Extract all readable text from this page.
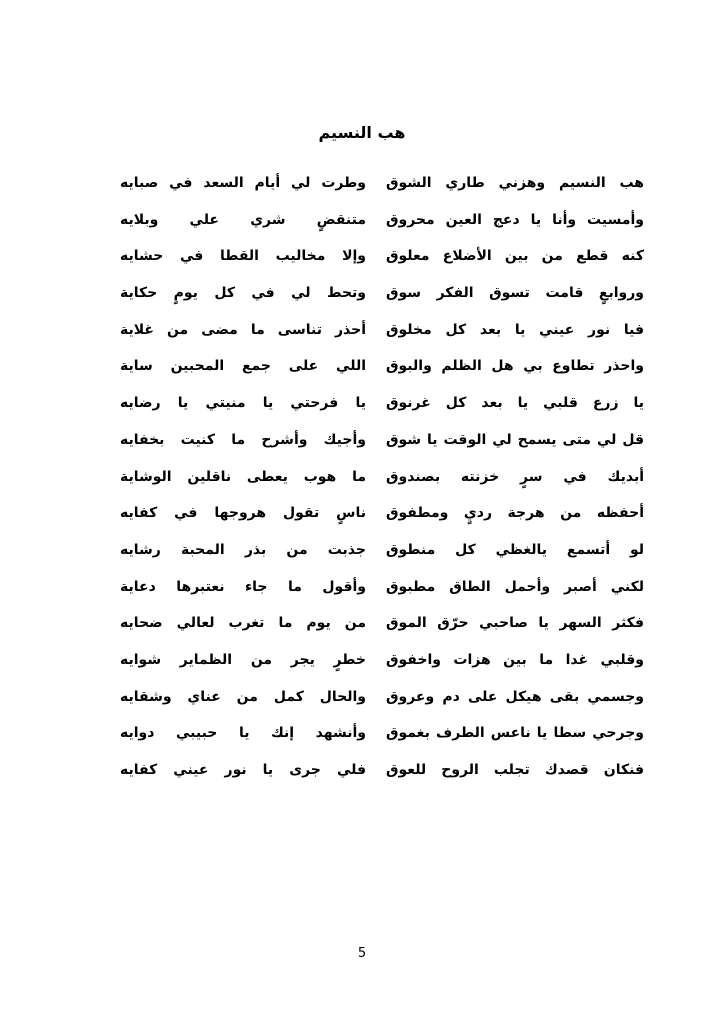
هب النسيم
هب النسيم وهزني طاري الشوق
وطرت لي أيام السعد في صبايه
وأمسيت وأنا يا دعج العين محروق
متنقضٍ شري علي وبلايه
كنه قطع من بين الأضلاع معلوق
وإلا مخاليب القطا في حشايه
وروابعٍ قامت تسوق الفكر سوق
وتحط لي في كل يومٍ حكاية
فيا نور عيني يا بعد كل مخلوق
أحذر تناسى ما مضى من غلاية
واحذر تطاوع بي هل الظلم والبوق
اللي على جمع المحبين ساية
يا زرع قلبي يا بعد كل غرنوق
يا فرحتي يا منيتي يا رضايه
قل لي متى يسمح لي الوقت يا شوق
وأجيك وأشرح ما كنيت بخفايه
أبديك في سرٍ خزنته بصندوق
ما هوب يعطى ناقلين الوشاية
أحفظه من هرجة رديٍ ومطفوق
ناسٍ تقول هروجها في كفايه
لو أتسمع يالغظي كل منطوق
جذبت من بذر المحبة رشايه
لكني أصبر وأحمل الطاق مطبوق
وأقول ما جاء نعتبرها دعاية
فكثر السهر يا صاحبي حرّق الموق
من يوم ما تغرب لعالي ضحايه
وقلبي غدا ما بين هزات واخفوق
خطرٍ يجر من الظماير شوايه
وجسمي بقى هيكل على دم وعروق
والحال كمل من عناي وشقايه
وجرحي سطا يا ناعس الطرف بغموق
وأنشهد إنك يا حبيبي دوايه
فنكان قصدك تجلب الروح للعوق
فلي جرى يا نور عيني كفايه
5
